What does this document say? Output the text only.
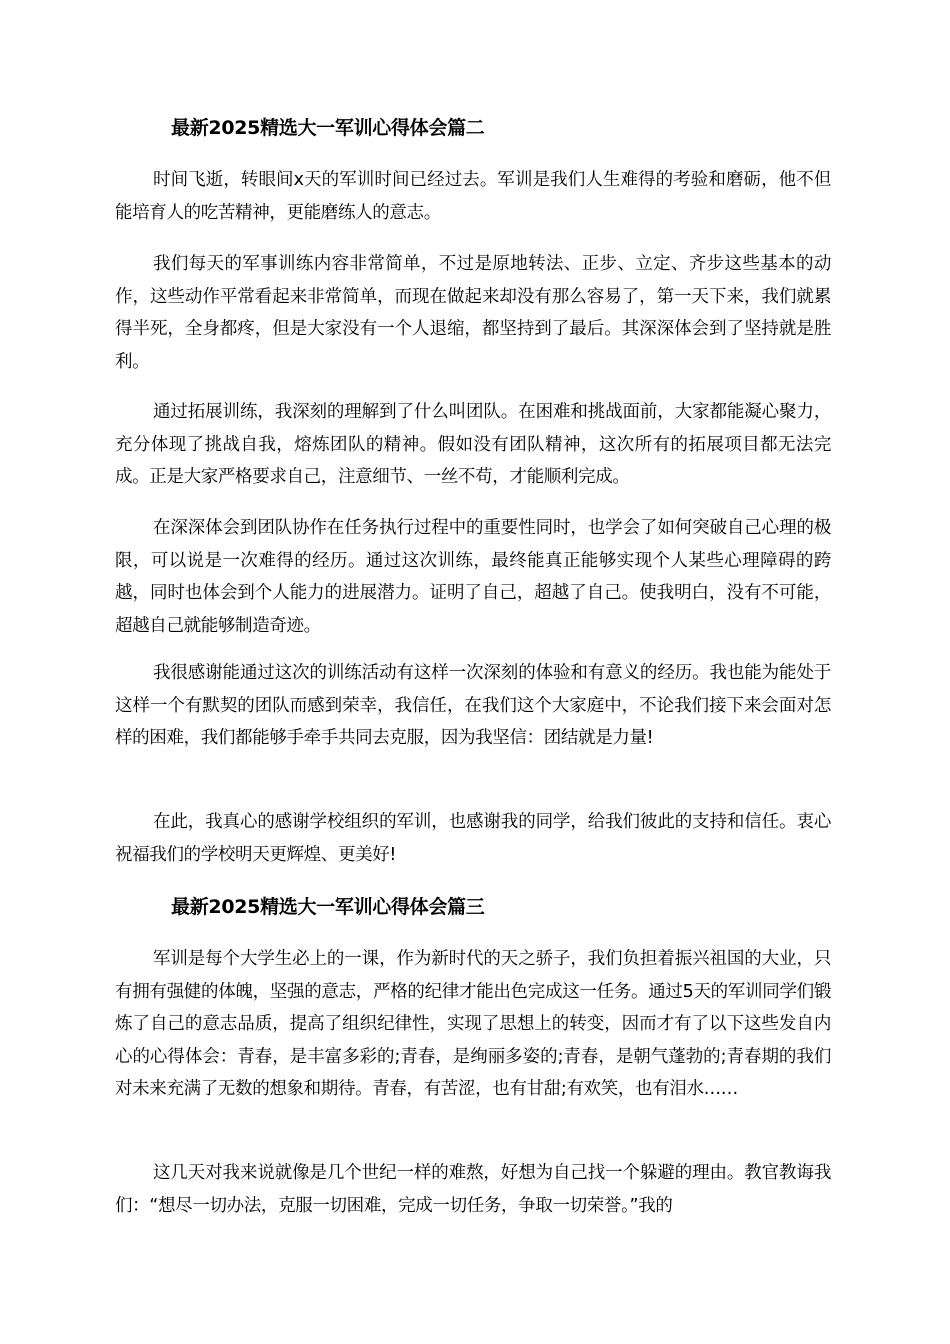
最新2025精选大一军训心得体会篇二

时间飞逝，转眼间x天的军训时间已经过去。军训是我们人生难得的考验和磨砺，他不但能培育人的吃苦精神，更能磨练人的意志。

我们每天的军事训练内容非常简单，不过是原地转法、正步、立定、齐步这些基本的动作，这些动作平常看起来非常简单，而现在做起来却没有那么容易了，第一天下来，我们就累得半死，全身都疼，但是大家没有一个人退缩，都坚持到了最后。其深深体会到了坚持就是胜利。

通过拓展训练，我深刻的理解到了什么叫团队。在困难和挑战面前，大家都能凝心聚力，充分体现了挑战自我，熔炼团队的精神。假如没有团队精神，这次所有的拓展项目都无法完成。正是大家严格要求自己，注意细节、一丝不苟，才能顺利完成。

在深深体会到团队协作在任务执行过程中的重要性同时，也学会了如何突破自己心理的极限，可以说是一次难得的经历。通过这次训练，最终能真正能够实现个人某些心理障碍的跨越，同时也体会到个人能力的进展潜力。证明了自己，超越了自己。使我明白，没有不可能，超越自己就能够制造奇迹。

我很感谢能通过这次的训练活动有这样一次深刻的体验和有意义的经历。我也能为能处于这样一个有默契的团队而感到荣幸，我信任，在我们这个大家庭中，不论我们接下来会面对怎样的困难，我们都能够手牵手共同去克服，因为我坚信：团结就是力量!

在此，我真心的感谢学校组织的军训，也感谢我的同学，给我们彼此的支持和信任。衷心祝福我们的学校明天更辉煌、更美好!

最新2025精选大一军训心得体会篇三

军训是每个大学生必上的一课，作为新时代的天之骄子，我们负担着振兴祖国的大业，只有拥有强健的体魄，坚强的意志，严格的纪律才能出色完成这一任务。通过5天的军训同学们锻炼了自己的意志品质，提高了组织纪律性，实现了思想上的转变，因而才有了以下这些发自内心的心得体会：青春，是丰富多彩的;青春，是绚丽多姿的;青春，是朝气蓬勃的;青春期的我们对未来充满了无数的想象和期待。青春，有苦涩，也有甘甜;有欢笑，也有泪水……

这几天对我来说就像是几个世纪一样的难熬，好想为自己找一个躲避的理由。教官教诲我们：“想尽一切办法，克服一切困难，完成一切任务，争取一切荣誉。”我的
